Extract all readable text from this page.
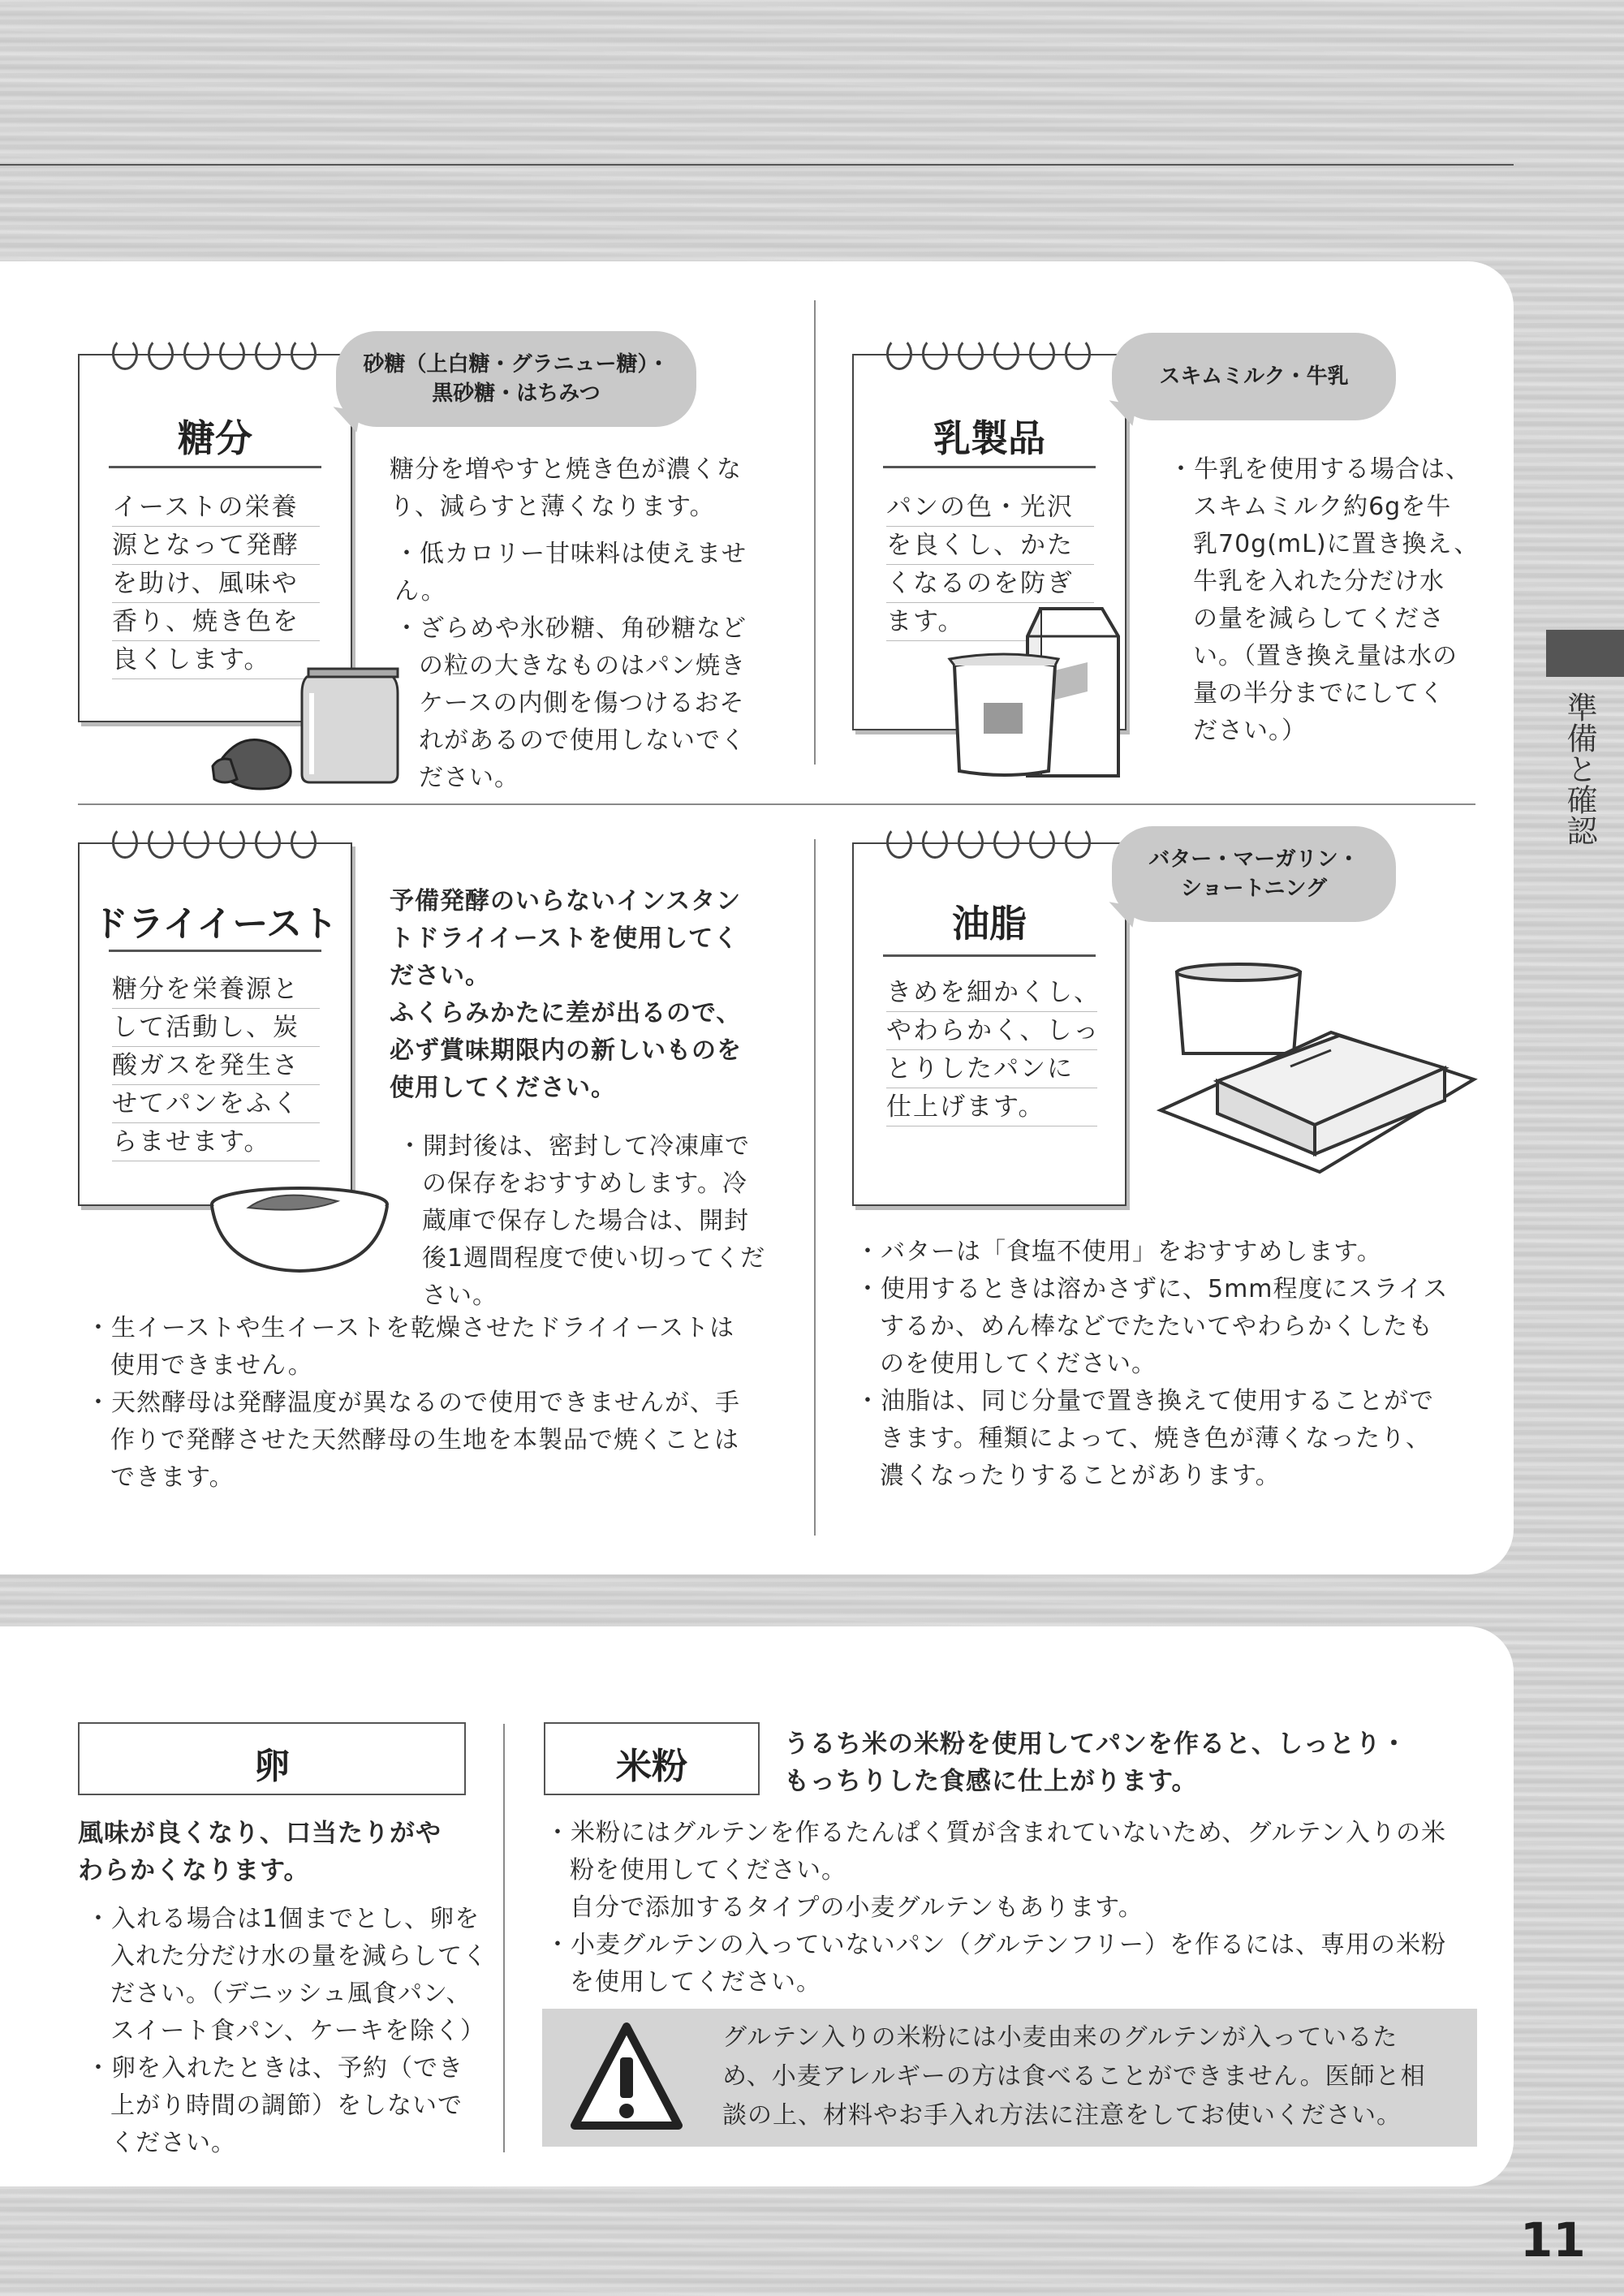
準備と確認
糖分
イーストの栄養
源となって発酵
を助け、風味や
香り、焼き色を
良くします。
砂糖（上白糖・グラニュー糖）・
黒砂糖・はちみつ
糖分を増やすと焼き色が濃くな
り、減らすと薄くなります。
・低カロリー甘味料は使えません。
・ざらめや氷砂糖、角砂糖など
の粒の大きなものはパン焼き
ケースの内側を傷つけるおそ
れがあるので使用しないでく
ださい。
乳製品
パンの色・光沢
を良くし、かた
くなるのを防ぎ
ます。
スキムミルク・牛乳
・牛乳を使用する場合は、
スキムミルク約6gを牛
乳70g(mL)に置き換え、
牛乳を入れた分だけ水
の量を減らしてくださ
い。（置き換え量は水の
量の半分までにしてく
ださい。）
ドライイースト
糖分を栄養源と
して活動し、炭
酸ガスを発生さ
せてパンをふく
らませます。
予備発酵のいらないインスタン
トドライイーストを使用してく
ださい。
ふくらみかたに差が出るので、
必ず賞味期限内の新しいものを
使用してください。
・開封後は、密封して冷凍庫で
の保存をおすすめします。冷
蔵庫で保存した場合は、開封
後1週間程度で使い切ってくだ
さい。
・生イーストや生イーストを乾燥させたドライイーストは
使用できません。
・天然酵母は発酵温度が異なるので使用できませんが、手
作りで発酵させた天然酵母の生地を本製品で焼くことは
できます。
油脂
きめを細かくし、
やわらかく、しっ
とりしたパンに
仕上げます。
バター・マーガリン・
ショートニング
・バターは「食塩不使用」をおすすめします。
・使用するときは溶かさずに、5mm程度にスライス
するか、めん棒などでたたいてやわらかくしたも
のを使用してください。
・油脂は、同じ分量で置き換えて使用することがで
きます。種類によって、焼き色が薄くなったり、
濃くなったりすることがあります。
卵
風味が良くなり、口当たりがや
わらかくなります。
・入れる場合は1個までとし、卵を
入れた分だけ水の量を減らしてく
ださい。（デニッシュ風食パン、
スイート食パン、ケーキを除く）
・卵を入れたときは、予約（でき
上がり時間の調節）をしないで
ください。
米粉
うるち米の米粉を使用してパンを作ると、しっとり・
もっちりした食感に仕上がります。
・米粉にはグルテンを作るたんぱく質が含まれていないため、グルテン入りの米
粉を使用してください。
自分で添加するタイプの小麦グルテンもあります。
・小麦グルテンの入っていないパン（グルテンフリー）を作るには、専用の米粉
を使用してください。
グルテン入りの米粉には小麦由来のグルテンが入っているた
め、小麦アレルギーの方は食べることができません。医師と相
談の上、材料やお手入れ方法に注意をしてお使いください。
11
